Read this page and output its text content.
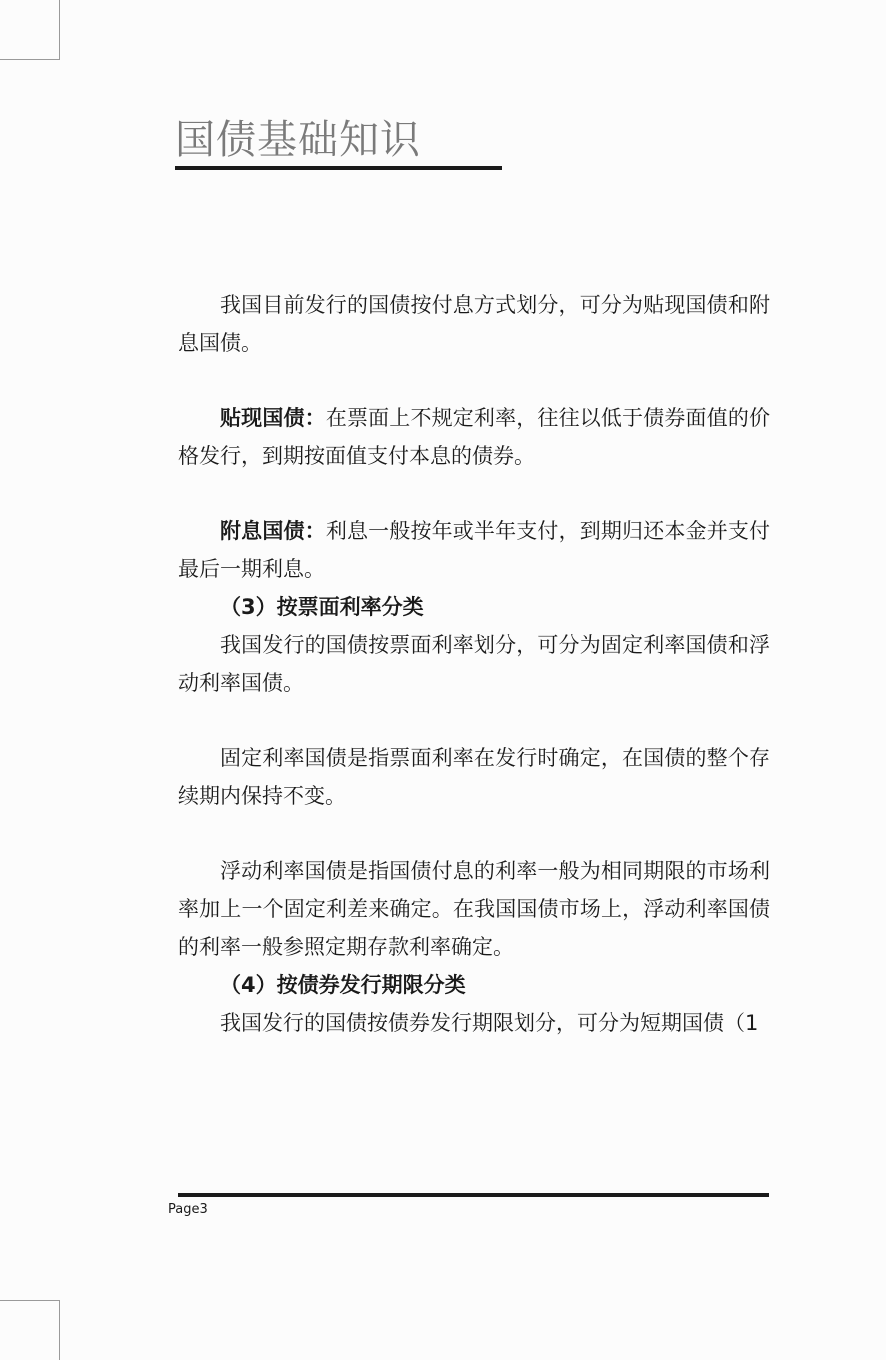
国债基础知识

我国目前发行的国债按付息方式划分，可分为贴现国债和附息国债。

贴现国债：在票面上不规定利率，往往以低于债券面值的价格发行，到期按面值支付本息的债券。

附息国债：利息一般按年或半年支付，到期归还本金并支付最后一期利息。

（3）按票面利率分类

我国发行的国债按票面利率划分，可分为固定利率国债和浮动利率国债。

固定利率国债是指票面利率在发行时确定，在国债的整个存续期内保持不变。

浮动利率国债是指国债付息的利率一般为相同期限的市场利率加上一个固定利差来确定。在我国国债市场上，浮动利率国债的利率一般参照定期存款利率确定。

（4）按债券发行期限分类

我国发行的国债按债券发行期限划分，可分为短期国债（1

Page3
